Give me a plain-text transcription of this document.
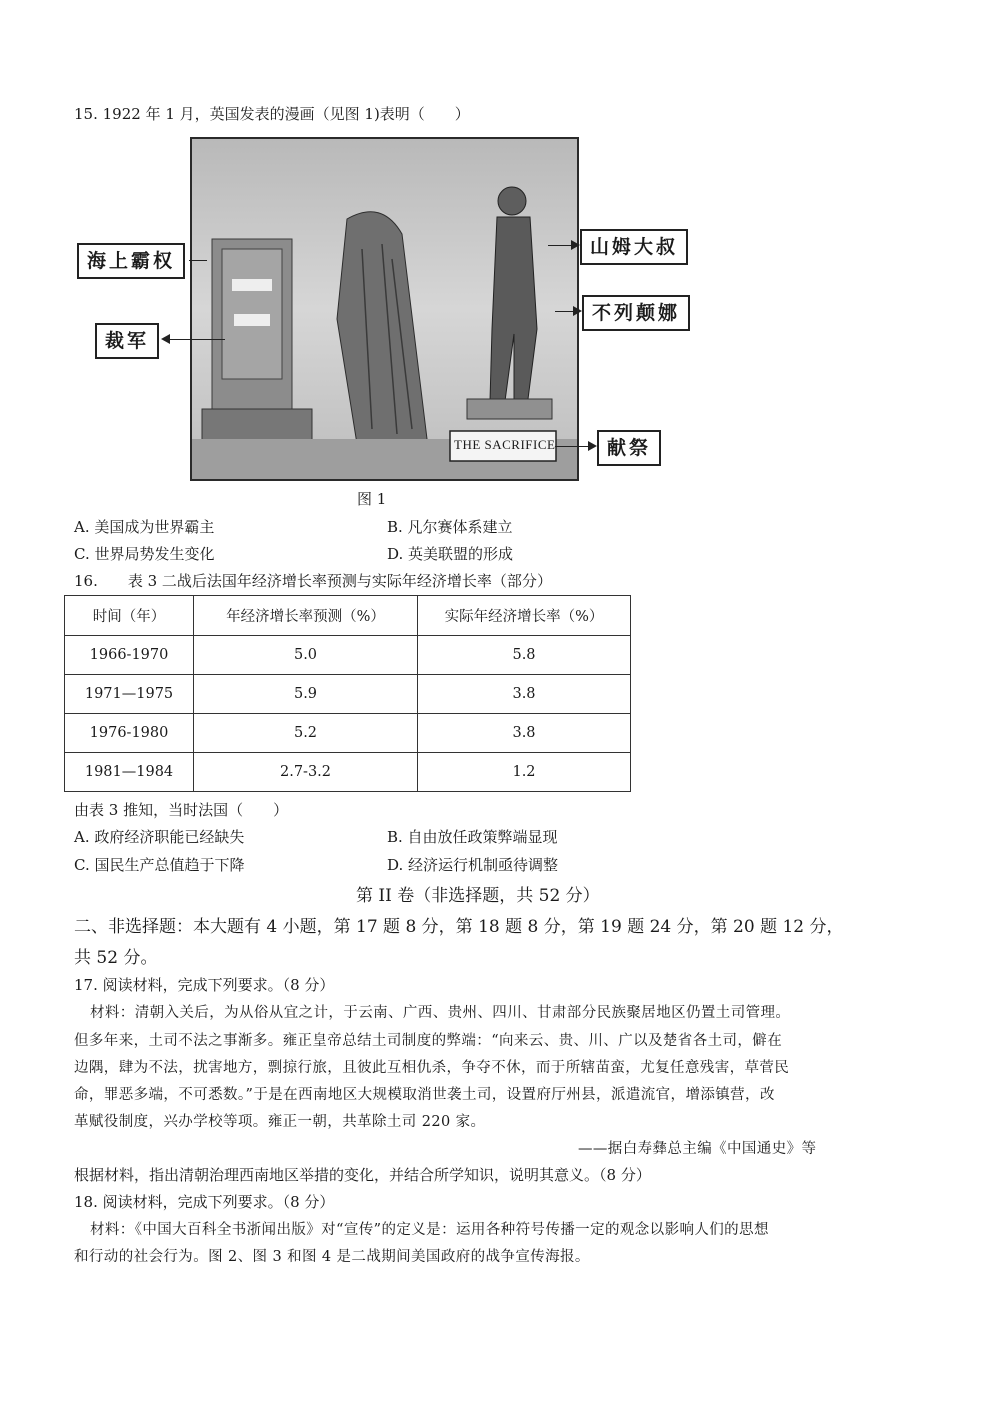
15. 1922 年 1 月，英国发表的漫画（见图 1)表明（　　）
THE SACRIFICE
海上霸权
裁军
山姆大叔
不列颠娜
献祭
图 1
A. 美国成为世界霸主	B. 凡尔赛体系建立
C. 世界局势发生变化	D. 英美联盟的形成
16.　　表 3 二战后法国年经济增长率预测与实际年经济增长率（部分）
时间（年）	年经济增长率预测（%）	实际年经济增长率（%）
1966-1970	5.0	5.8
1971—1975	5.9	3.8
1976-1980	5.2	3.8
1981—1984	2.7-3.2	1.2
由表 3 推知，当时法国（　　）
A. 政府经济职能已经缺失	B. 自由放任政策弊端显现
C. 国民生产总值趋于下降	D. 经济运行机制亟待调整
第 II 卷（非选择题，共 52 分）
二、非选择题：本大题有 4 小题，第 17 题 8 分，第 18 题 8 分，第 19 题 24 分，第 20 题 12 分，
共 52 分。
17. 阅读材料，完成下列要求。（8 分）
材料：清朝入关后，为从俗从宜之计，于云南、广西、贵州、四川、甘肃部分民族聚居地区仍置土司管理。
但多年来，土司不法之事渐多。雍正皇帝总结土司制度的弊端：“向来云、贵、川、广以及楚省各土司，僻在
边隅，肆为不法，扰害地方，剽掠行旅，且彼此互相仇杀，争夺不休，而于所辖苗蛮，尤复任意残害，草菅民
命，罪恶多端，不可悉数。”于是在西南地区大规模取消世袭土司，设置府厅州县，派遣流官，增添镇营，改
革赋役制度，兴办学校等项。雍正一朝，共革除土司 220 家。
——据白寿彝总主编《中国通史》等
根据材料，指出清朝治理西南地区举措的变化，并结合所学知识，说明其意义。（8 分）
18. 阅读材料，完成下列要求。（8 分）
材料：《中国大百科全书浙闻出版》对“宣传”的定义是：运用各种符号传播一定的观念以影响人们的思想
和行动的社会行为。图 2、图 3 和图 4 是二战期间美国政府的战争宣传海报。
